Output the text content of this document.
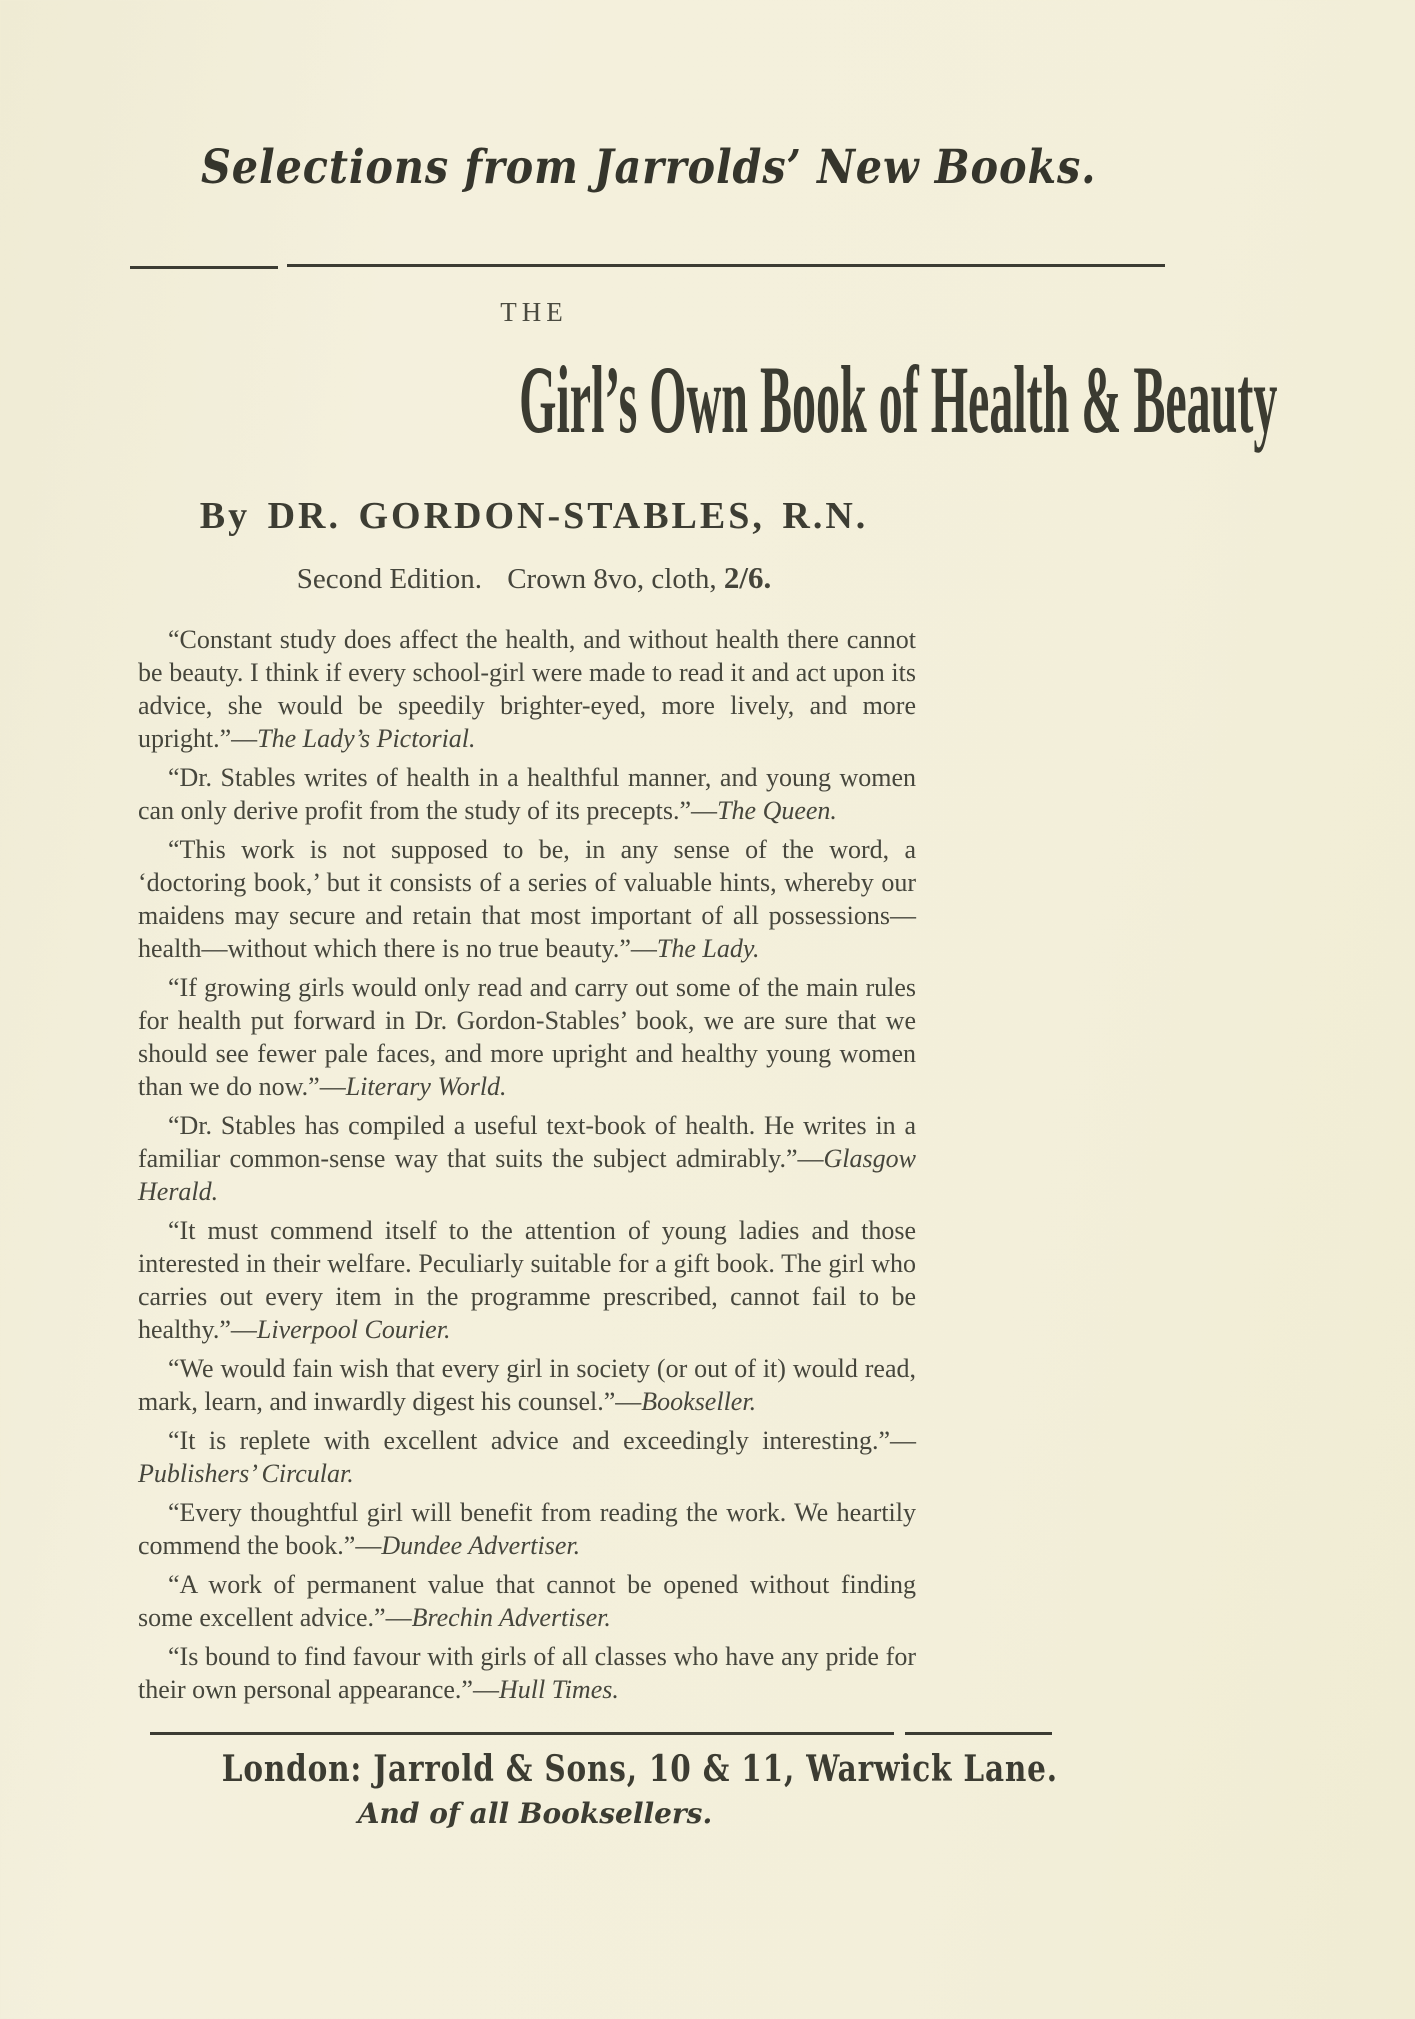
Selections from Jarrolds’ New Books.
THE
Girl’s Own Book of Health & Beauty
By DR. GORDON-STABLES, R.N.
Second Edition. Crown 8vo, cloth, 2/6.

“Constant study does affect the health, and without health there cannot be beauty. I think if every school-girl were made to read it and act upon its advice, she would be speedily brighter-eyed, more lively, and more upright.”—The Lady’s Pictorial.

“Dr. Stables writes of health in a healthful manner, and young women can only derive profit from the study of its precepts.”—The Queen.

“This work is not supposed to be, in any sense of the word, a ‘doctoring book,’ but it consists of a series of valuable hints, whereby our maidens may secure and retain that most important of all possessions—health—without which there is no true beauty.”—The Lady.

“If growing girls would only read and carry out some of the main rules for health put forward in Dr. Gordon-Stables’ book, we are sure that we should see fewer pale faces, and more upright and healthy young women than we do now.”—Literary World.

“Dr. Stables has compiled a useful text-book of health. He writes in a familiar common-sense way that suits the subject admirably.”—Glasgow Herald.

“It must commend itself to the attention of young ladies and those interested in their welfare. Peculiarly suitable for a gift book. The girl who carries out every item in the programme prescribed, cannot fail to be healthy.”—Liverpool Courier.

“We would fain wish that every girl in society (or out of it) would read, mark, learn, and inwardly digest his counsel.”—Bookseller.

“It is replete with excellent advice and exceedingly interesting.”—Publishers’ Circular.

“Every thoughtful girl will benefit from reading the work. We heartily commend the book.”—Dundee Advertiser.

“A work of permanent value that cannot be opened without finding some excellent advice.”—Brechin Advertiser.

“Is bound to find favour with girls of all classes who have any pride for their own personal appearance.”—Hull Times.

London: Jarrold & Sons, 10 & 11, Warwick Lane.
And of all Booksellers.
